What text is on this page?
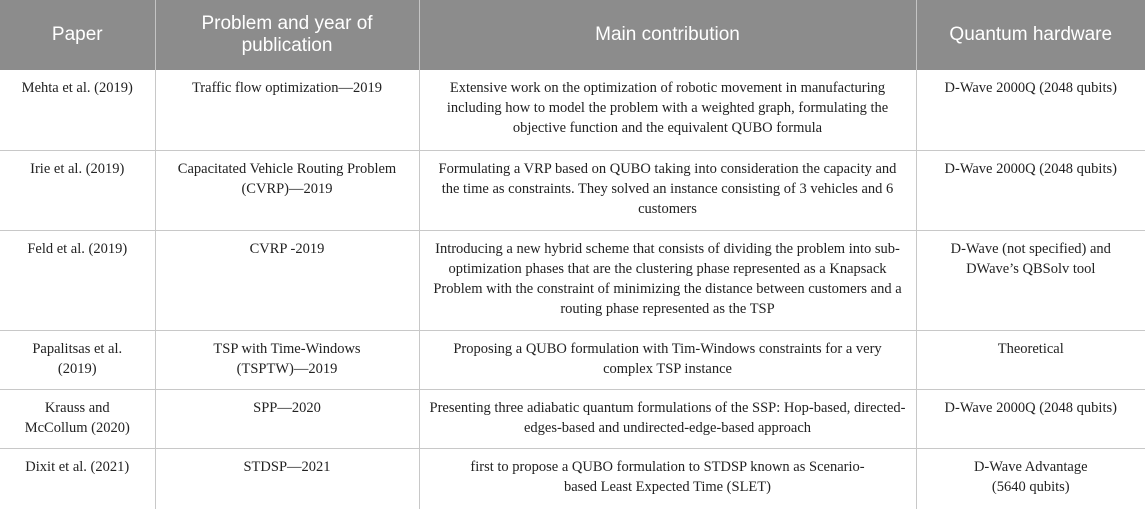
Paper	Problem and year of publication	Main contribution	Quantum hardware
Mehta et al. (2019)	Traffic flow optimization—2019	Extensive work on the optimization of robotic movement in manufacturing including how to model the problem with a weighted graph, formulating the objective function and the equivalent QUBO formula	D-Wave 2000Q (2048 qubits)
Irie et al. (2019)	Capacitated Vehicle Routing Problem (CVRP)—2019	Formulating a VRP based on QUBO taking into consideration the capacity and the time as constraints. They solved an instance consisting of 3 vehicles and 6 customers	D-Wave 2000Q (2048 qubits)
Feld et al. (2019)	CVRP -2019	Introducing a new hybrid scheme that consists of dividing the problem into sub-optimization phases that are the clustering phase represented as a Knapsack Problem with the constraint of minimizing the distance between customers and a routing phase represented as the TSP	D-Wave (not specified) and DWave’s QBSolv tool
Papalitsas et al. (2019)	TSP with Time-Windows (TSPTW)—2019	Proposing a QUBO formulation with Tim-Windows constraints for a very complex TSP instance	Theoretical
Krauss and McCollum (2020)	SPP—2020	Presenting three adiabatic quantum formulations of the SSP: Hop-based, directed-edges-based and undirected-edge-based approach	D-Wave 2000Q (2048 qubits)
Dixit et al. (2021)	STDSP—2021	first to propose a QUBO formulation to STDSP known as Scenario-based Least Expected Time (SLET)	D-Wave Advantage (5640 qubits)
